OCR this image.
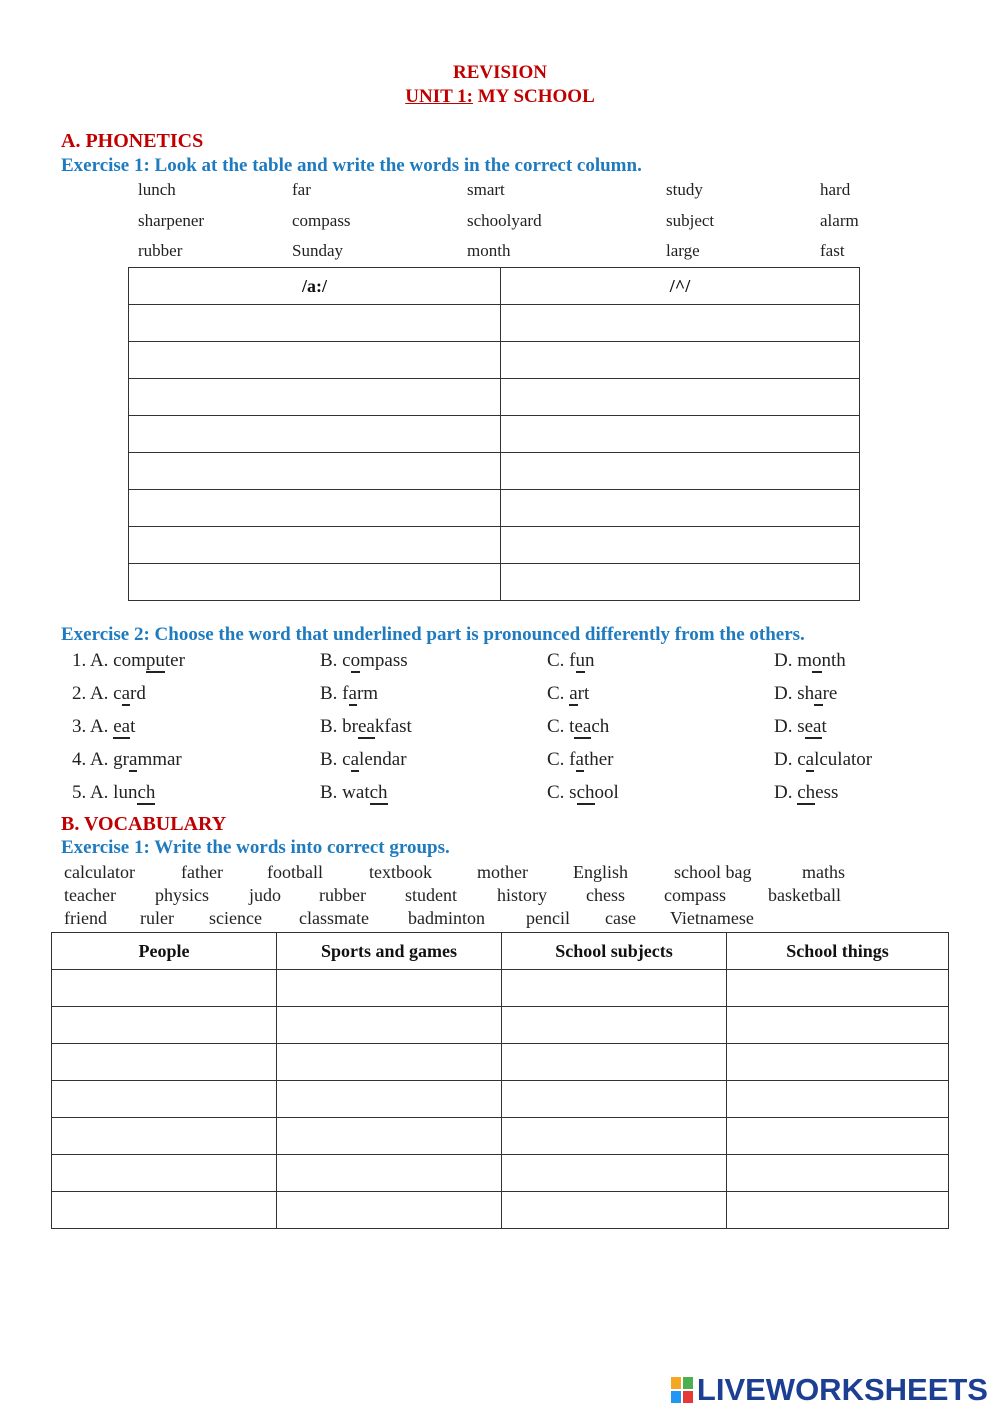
REVISION
UNIT 1: MY SCHOOL
A. PHONETICS
Exercise 1: Look at the table and write the words in the correct column.
lunch	far	smart	study	hard
sharpener	compass	schoolyard	subject	alarm
rubber	Sunday	month	large	fast
/a:/	/^/

Exercise 2: Choose the word that underlined part is pronounced differently from the others.
1. A. computer	B. compass	C. fun	D. month
2. A. card	B. farm	C. art	D. share
3. A. eat	B. breakfast	C. teach	D. seat
4. A. grammar	B. calendar	C. father	D. calculator
5. A. lunch	B. watch	C. school	D. chess
B. VOCABULARY
Exercise 1: Write the words into correct groups.
calculator	father football	textbook	mother	English	school bag	maths
teacher physics judo rubber student history chess compass basketball
friend ruler science classmate badminton pencil case Vietnamese
People	Sports and games	School subjects	School things

LIVEWORKSHEETS
